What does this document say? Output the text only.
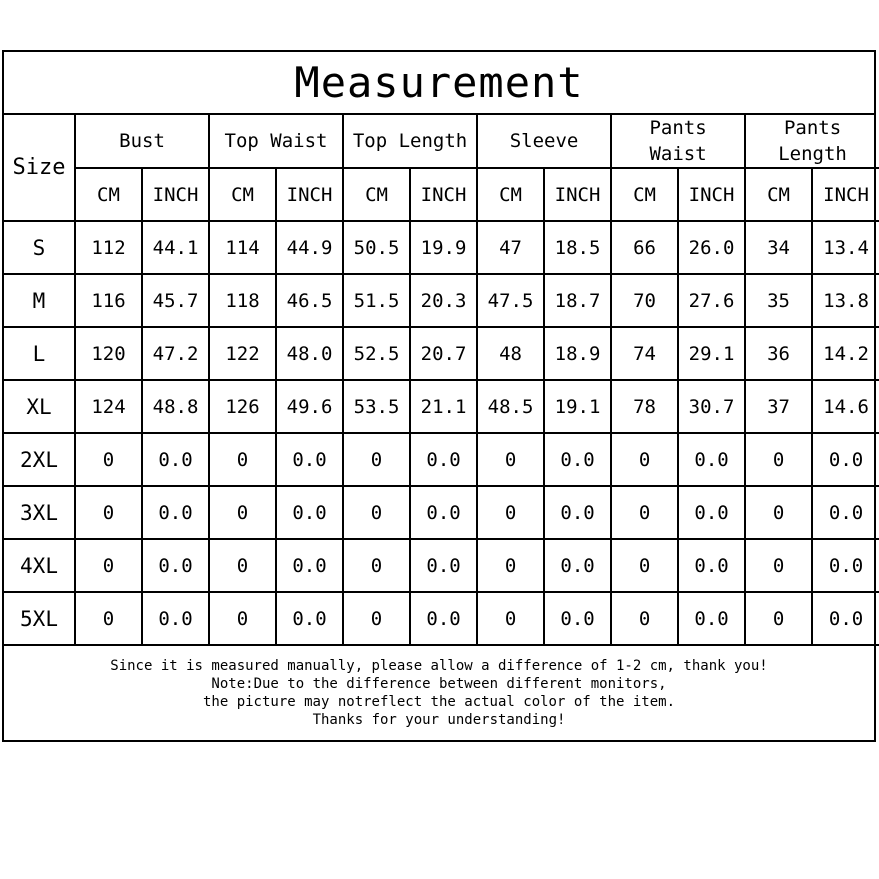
Measurement
Size	Bust		Top Waist		Top Length		Sleeve		Pants Waist		Pants Length	
	CM	INCH	CM	INCH	CM	INCH	CM	INCH	CM	INCH	CM	INCH
S	112	44.1	114	44.9	50.5	19.9	47	18.5	66	26.0	34	13.4
M	116	45.7	118	46.5	51.5	20.3	47.5	18.7	70	27.6	35	13.8
L	120	47.2	122	48.0	52.5	20.7	48	18.9	74	29.1	36	14.2
XL	124	48.8	126	49.6	53.5	21.1	48.5	19.1	78	30.7	37	14.6
2XL	0	0.0	0	0.0	0	0.0	0	0.0	0	0.0	0	0.0
3XL	0	0.0	0	0.0	0	0.0	0	0.0	0	0.0	0	0.0
4XL	0	0.0	0	0.0	0	0.0	0	0.0	0	0.0	0	0.0
5XL	0	0.0	0	0.0	0	0.0	0	0.0	0	0.0	0	0.0
Since it is measured manually, please allow a difference of 1-2 cm, thank you!
Note:Due to the difference between different monitors,
the picture may notreflect the actual color of the item.
Thanks for your understanding!
